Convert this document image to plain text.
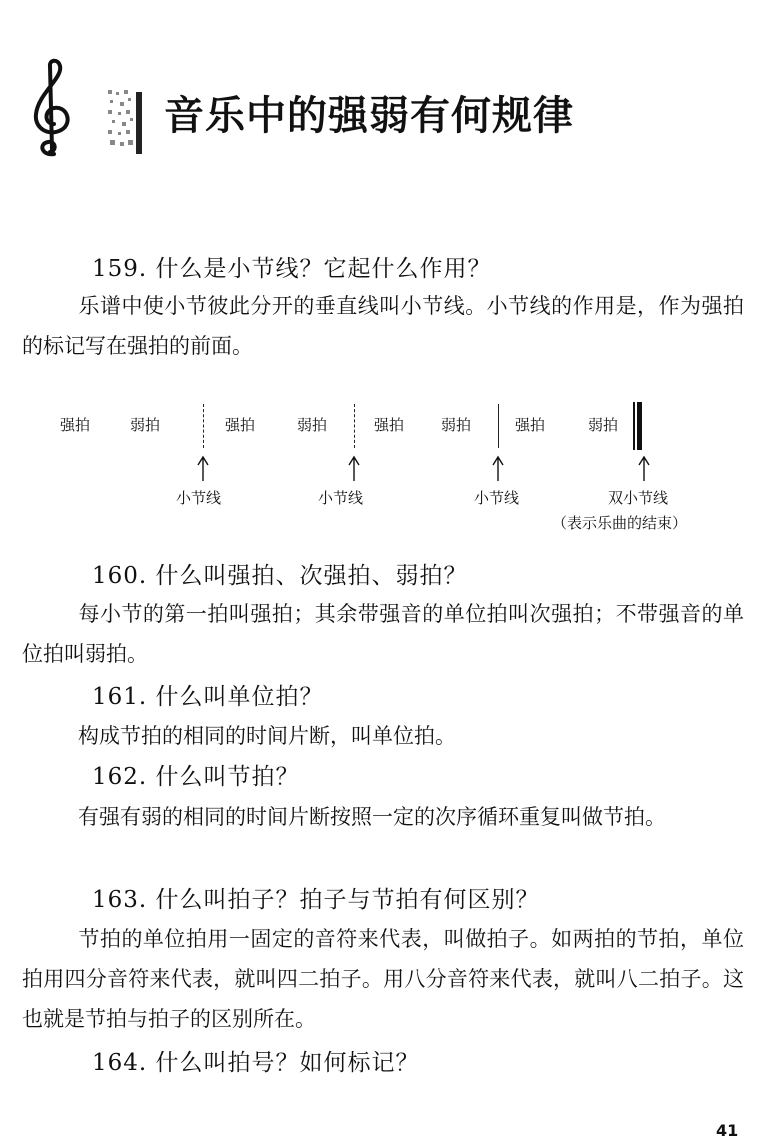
音乐中的强弱有何规律
159. 什么是小节线？它起什么作用？
乐谱中使小节彼此分开的垂直线叫小节线。小节线的作用是，作为强拍的标记写在强拍的前面。
强拍	弱拍	强拍	弱拍	强拍 弱拍	强拍	弱拍
小节线	小节线	小节线	双小节线
（表示乐曲的结束）
160. 什么叫强拍、次强拍、弱拍？
每小节的第一拍叫强拍；其余带强音的单位拍叫次强拍；不带强音的单位拍叫弱拍。
161. 什么叫单位拍？
构成节拍的相同的时间片断，叫单位拍。
162. 什么叫节拍？
有强有弱的相同的时间片断按照一定的次序循环重复叫做节拍。
163. 什么叫拍子？拍子与节拍有何区别？
节拍的单位拍用一固定的音符来代表，叫做拍子。如两拍的节拍，单位拍用四分音符来代表，就叫四二拍子。用八分音符来代表，就叫八二拍子。这也就是节拍与拍子的区别所在。
164. 什么叫拍号？如何标记？
41
